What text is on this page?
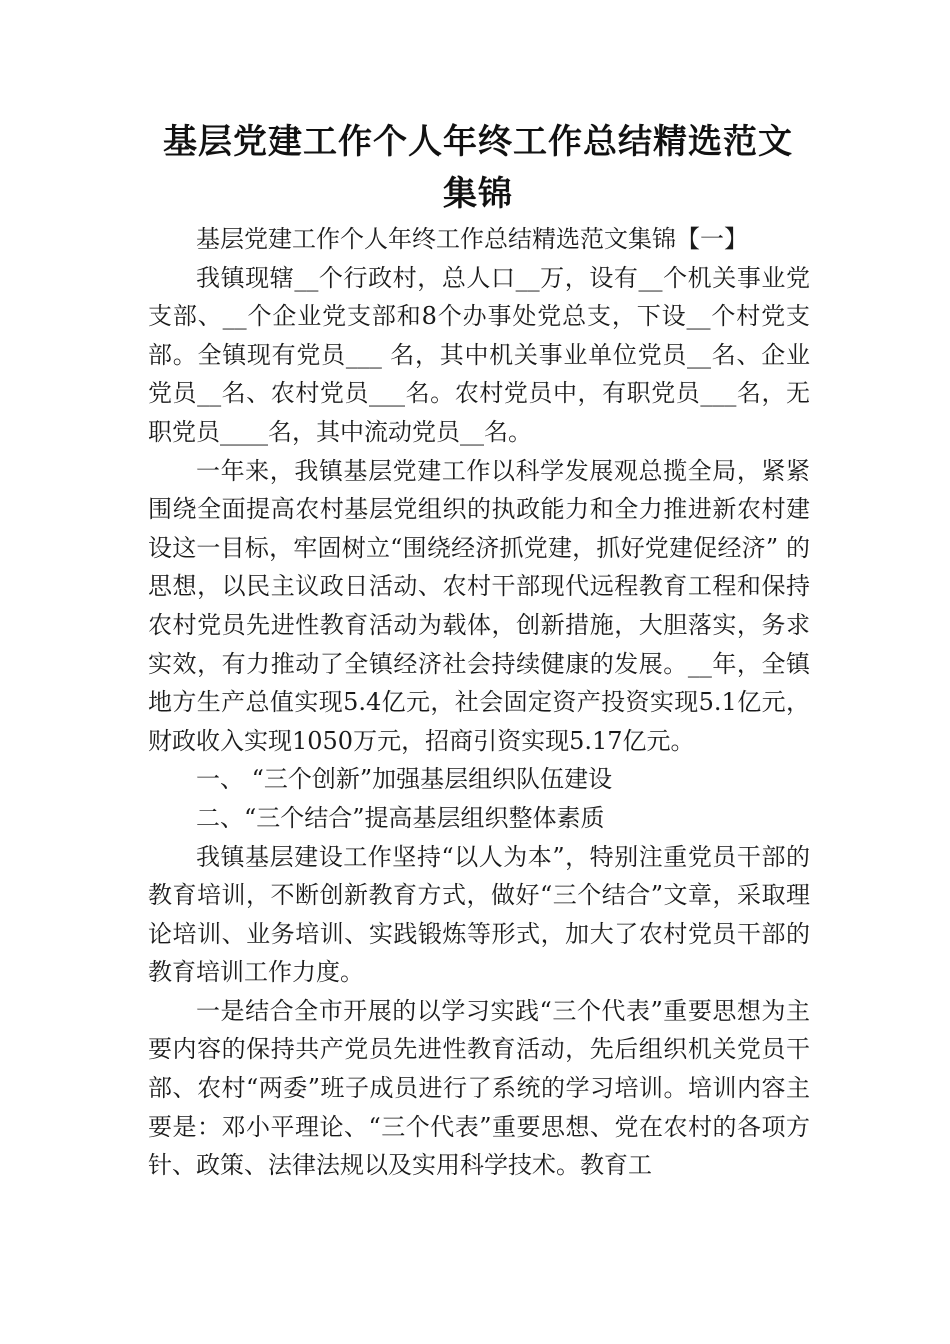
基层党建工作个人年终工作总结精选范文集锦

基层党建工作个人年终工作总结精选范文集锦【一】

我镇现辖__个行政村，总人口__万，设有__个机关事业党支部、__个企业党支部和8个办事处党总支，下设__个村党支部。全镇现有党员___ 名，其中机关事业单位党员__名、企业党员__名、农村党员___名。农村党员中，有职党员___名，无职党员____名，其中流动党员__名。

一年来，我镇基层党建工作以科学发展观总揽全局，紧紧围绕全面提高农村基层党组织的执政能力和全力推进新农村建设这一目标，牢固树立“围绕经济抓党建，抓好党建促经济” 的思想，以民主议政日活动、农村干部现代远程教育工程和保持农村党员先进性教育活动为载体，创新措施，大胆落实，务求实效，有力推动了全镇经济社会持续健康的发展。__年，全镇地方生产总值实现5.4亿元，社会固定资产投资实现5.1亿元，财政收入实现1050万元，招商引资实现5.17亿元。

一、 “三个创新”加强基层组织队伍建设

二、“三个结合”提高基层组织整体素质

我镇基层建设工作坚持“以人为本”，特别注重党员干部的教育培训，不断创新教育方式，做好“三个结合”文章，采取理论培训、业务培训、实践锻炼等形式，加大了农村党员干部的教育培训工作力度。

一是结合全市开展的以学习实践“三个代表”重要思想为主要内容的保持共产党员先进性教育活动，先后组织机关党员干部、农村“两委”班子成员进行了系统的学习培训。培训内容主要是：邓小平理论、“三个代表”重要思想、党在农村的各项方针、政策、法律法规以及实用科学技术。教育工
